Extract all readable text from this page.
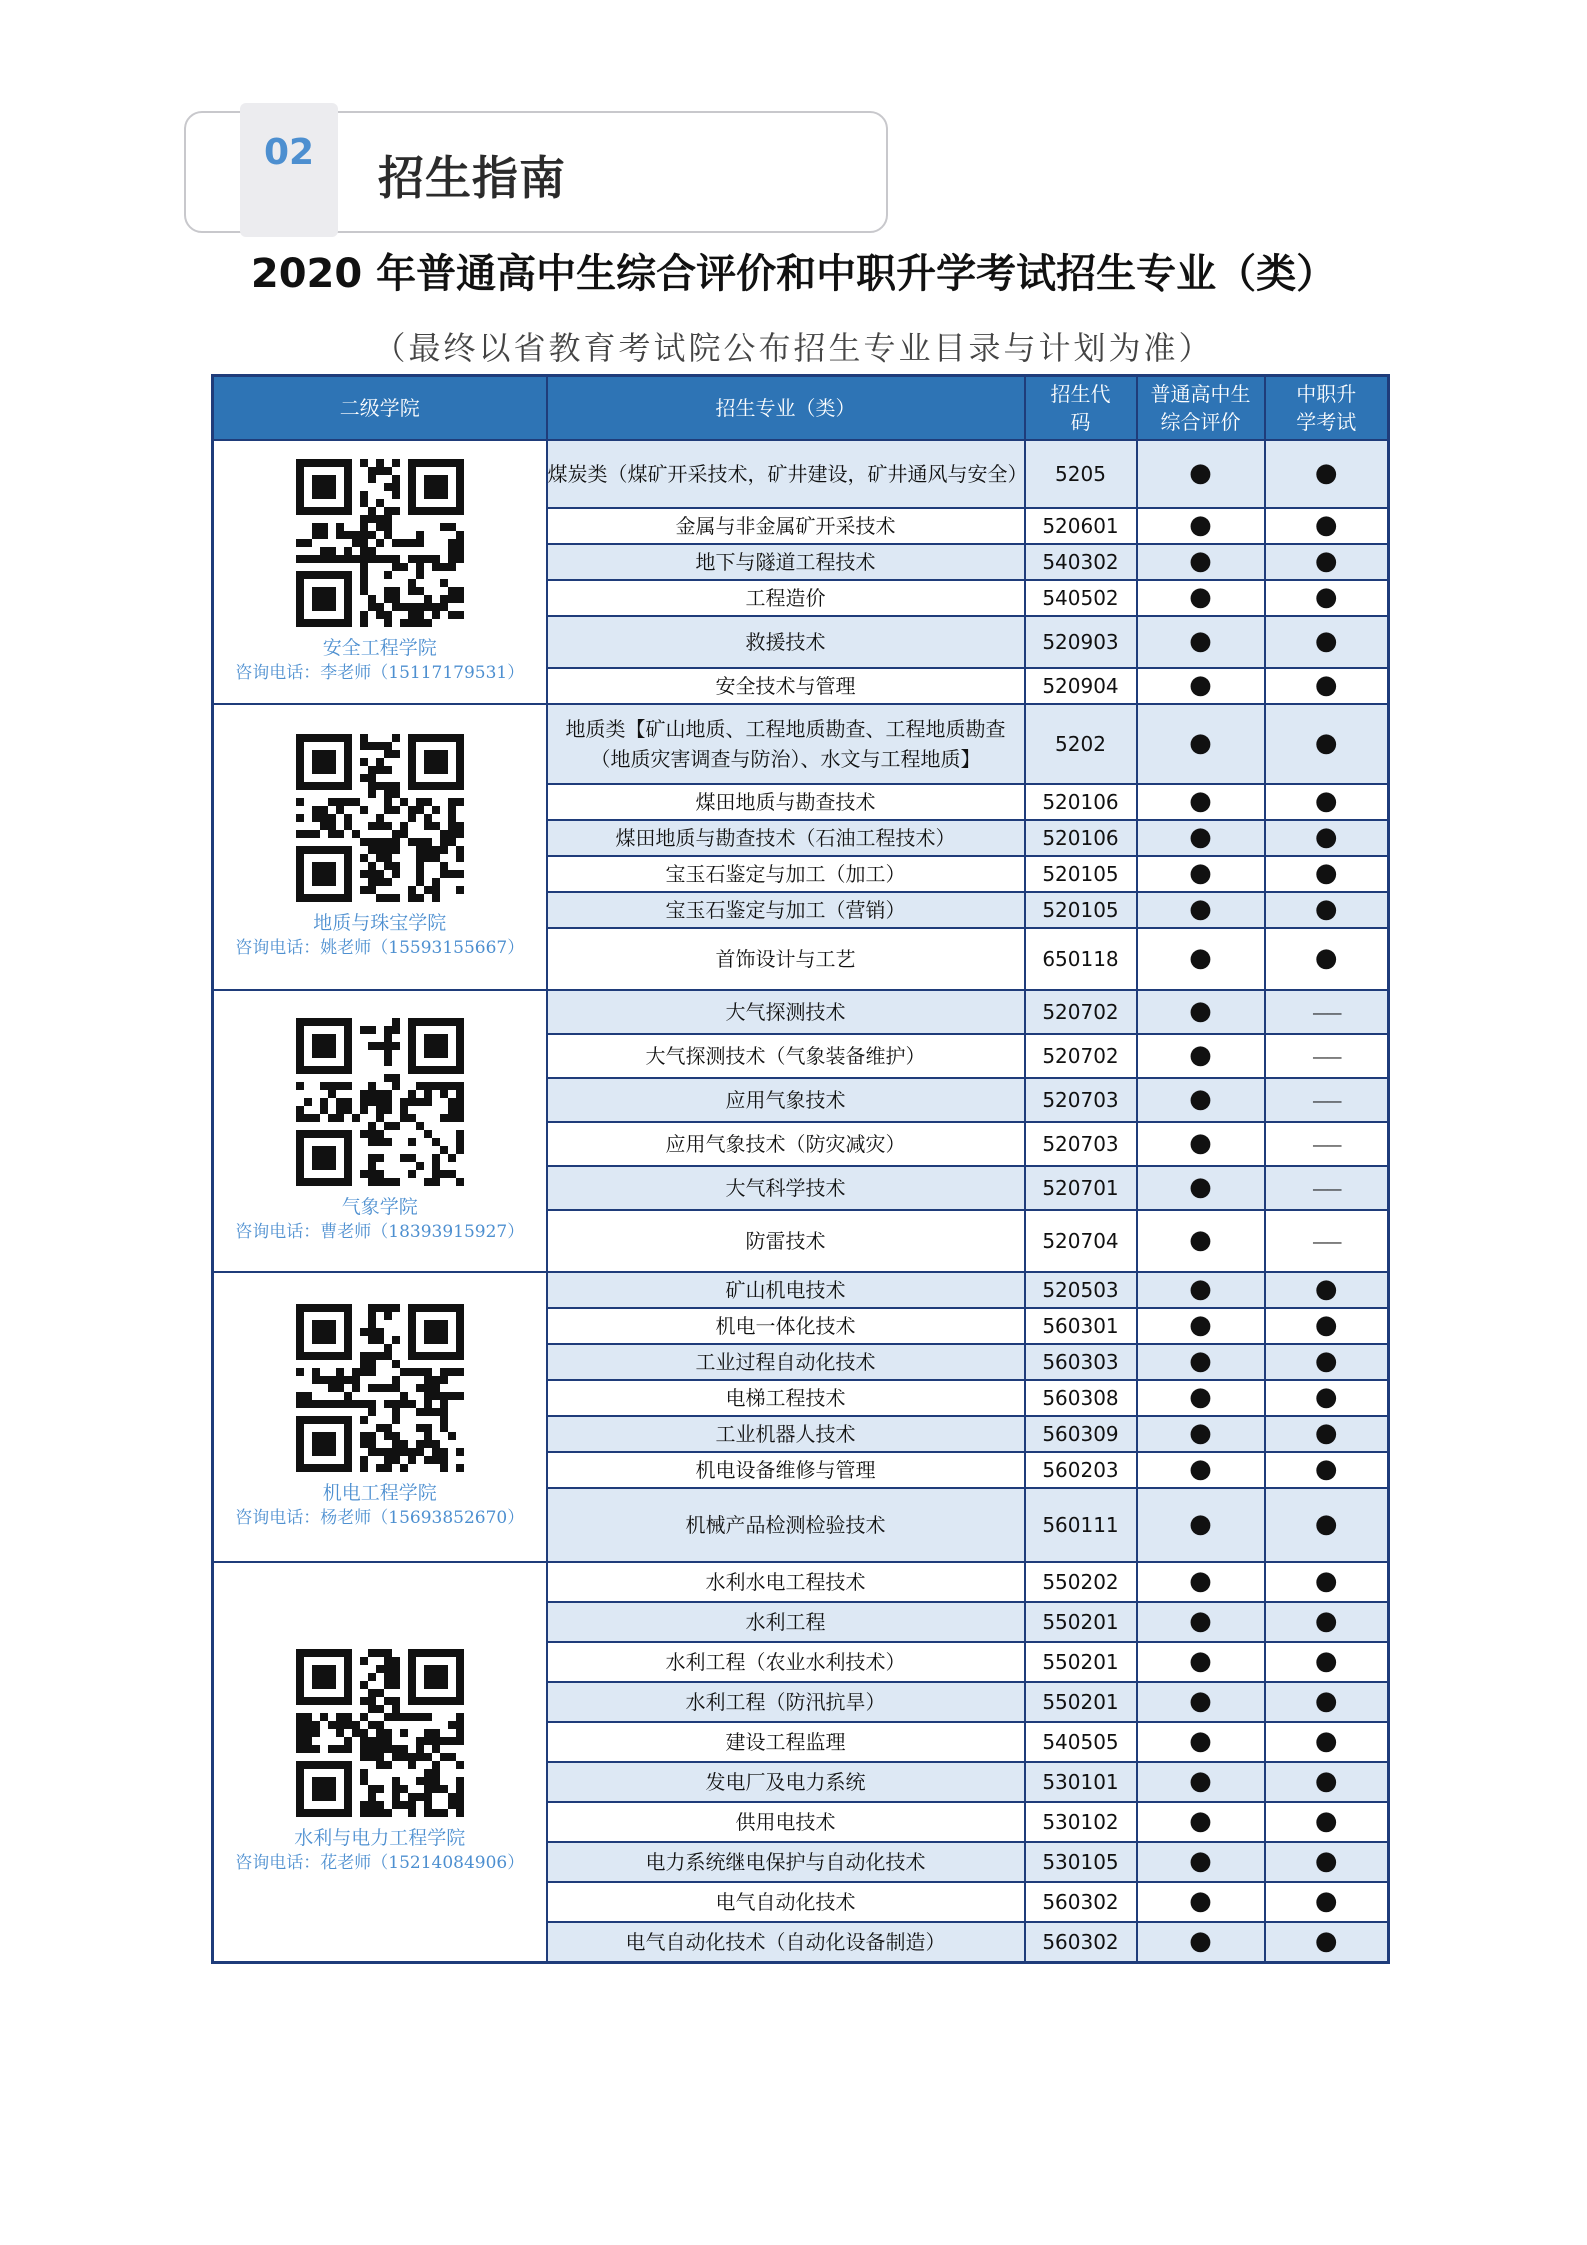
02	招生指南
2020 年普通高中生综合评价和中职升学考试招生专业（类）
（最终以省教育考试院公布招生专业目录与计划为准）
二级学院	招生专业（类）	招生代码	普通高中生综合评价	中职升学考试

安全工程学院
咨询电话：李老师（15117179531）	煤炭类（煤矿开采技术，矿井建设，矿井通风与安全）	5205	●	●
	金属与非金属矿开采技术	520601	●	●
	地下与隧道工程技术	540302	●	●
	工程造价	540502	●	●
	救援技术	520903	●	●
	安全技术与管理	520904	●	●

地质与珠宝学院
咨询电话：姚老师（15593155667）	地质类【矿山地质、工程地质勘查、工程地质勘查（地质灾害调查与防治）、水文与工程地质】	5202	●	●
	煤田地质与勘查技术	520106	●	●
	煤田地质与勘查技术（石油工程技术）	520106	●	●
	宝玉石鉴定与加工（加工）	520105	●	●
	宝玉石鉴定与加工（营销）	520105	●	●
	首饰设计与工艺	650118	●	●

气象学院
咨询电话：曹老师（18393915927）	大气探测技术	520702	●	——
	大气探测技术（气象装备维护）	520702	●	——
	应用气象技术	520703	●	——
	应用气象技术（防灾减灾）	520703	●	——
	大气科学技术	520701	●	——
	防雷技术	520704	●	——

机电工程学院
咨询电话：杨老师（15693852670）	矿山机电技术	520503	●	●
	机电一体化技术	560301	●	●
	工业过程自动化技术	560303	●	●
	电梯工程技术	560308	●	●
	工业机器人技术	560309	●	●
	机电设备维修与管理	560203	●	●
	机械产品检测检验技术	560111	●	●

水利与电力工程学院
咨询电话：花老师（15214084906）	水利水电工程技术	550202	●	●
	水利工程	550201	●	●
	水利工程（农业水利技术）	550201	●	●
	水利工程（防汛抗旱）	550201	●	●
	建设工程监理	540505	●	●
	发电厂及电力系统	530101	●	●
	供用电技术	530102	●	●
	电力系统继电保护与自动化技术	530105	●	●
	电气自动化技术	560302	●	●
	电气自动化技术（自动化设备制造）	560302	●	●
